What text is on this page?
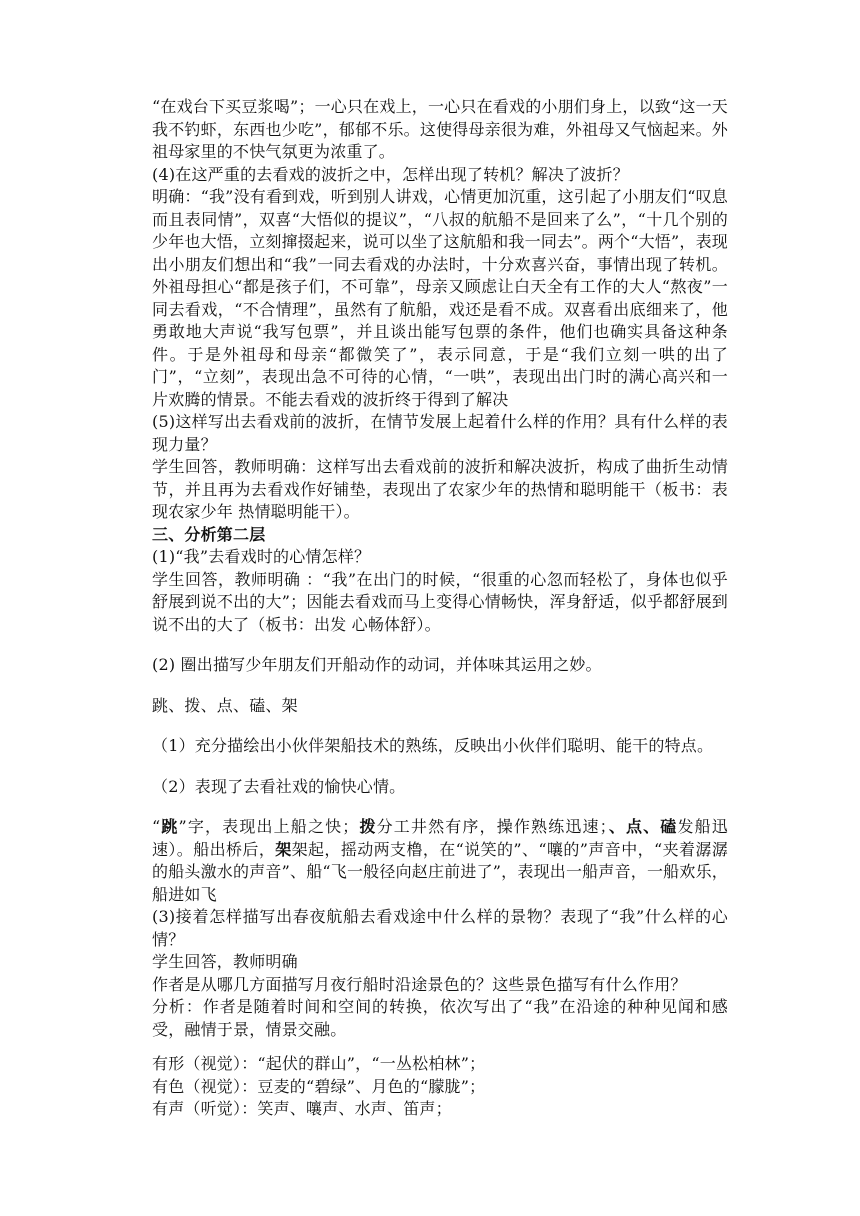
“在戏台下买豆浆喝”；一心只在戏上，一心只在看戏的小朋们身上，以致“这一天我不钓虾，东西也少吃”，郁郁不乐。这使得母亲很为难，外祖母又气恼起来。外祖母家里的不快气氛更为浓重了。

(4)在这严重的去看戏的波折之中，怎样出现了转机？解决了波折？

明确：“我”没有看到戏，听到别人讲戏，心情更加沉重，这引起了小朋友们“叹息而且表同情”，双喜“大悟似的提议”，“八叔的航船不是回来了么”，“十几个别的少年也大悟，立刻撺掇起来，说可以坐了这航船和我一同去”。两个“大悟”，表现出小朋友们想出和“我”一同去看戏的办法时，十分欢喜兴奋，事情出现了转机。外祖母担心“都是孩子们，不可靠”，母亲又顾虑让白天全有工作的大人“熬夜”一同去看戏，“不合情理”，虽然有了航船，戏还是看不成。双喜看出底细来了，他勇敢地大声说“我写包票”，并且谈出能写包票的条件，他们也确实具备这种条件。于是外祖母和母亲“都微笑了”，表示同意，于是“我们立刻一哄的出了门”，“立刻”，表现出急不可待的心情，“一哄”，表现出出门时的满心高兴和一片欢腾的情景。不能去看戏的波折终于得到了解决

(5)这样写出去看戏前的波折，在情节发展上起着什么样的作用？具有什么样的表现力量？

学生回答，教师明确：这样写出去看戏前的波折和解决波折，构成了曲折生动情节，并且再为去看戏作好铺垫，表现出了农家少年的热情和聪明能干（板书：表现农家少年 热情聪明能干）。

三、分析第二层

(1)“我”去看戏时的心情怎样？

学生回答，教师明确 ：“我”在出门的时候，“很重的心忽而轻松了，身体也似乎舒展到说不出的大”；因能去看戏而马上变得心情畅快，浑身舒适，似乎都舒展到说不出的大了（板书：出发 心畅体舒）。

(2) 圈出描写少年朋友们开船动作的动词，并体味其运用之妙。

跳、拨、点、磕、架

（1）充分描绘出小伙伴架船技术的熟练，反映出小伙伴们聪明、能干的特点。

（2）表现了去看社戏的愉快心情。

“跳”字，表现出上船之快；拨分工井然有序，操作熟练迅速；、点、磕发船迅速）。船出桥后，架架起，摇动两支橹，在“说笑的”、“嚷的”声音中，“夹着潺潺的船头激水的声音”、船“飞一般径向赵庄前进了”，表现出一船声音，一船欢乐，船进如飞

(3)接着怎样描写出春夜航船去看戏途中什么样的景物？表现了“我”什么样的心情？

学生回答，教师明确

作者是从哪几方面描写月夜行船时沿途景色的？这些景色描写有什么作用？

分析：作者是随着时间和空间的转换，依次写出了“我”在沿途的种种见闻和感受，融情于景，情景交融。

有形（视觉）：“起伏的群山”，“一丛松柏林”；

有色（视觉）：豆麦的“碧绿”、月色的“朦胧”；

有声（听觉）：笑声、嚷声、水声、笛声；
